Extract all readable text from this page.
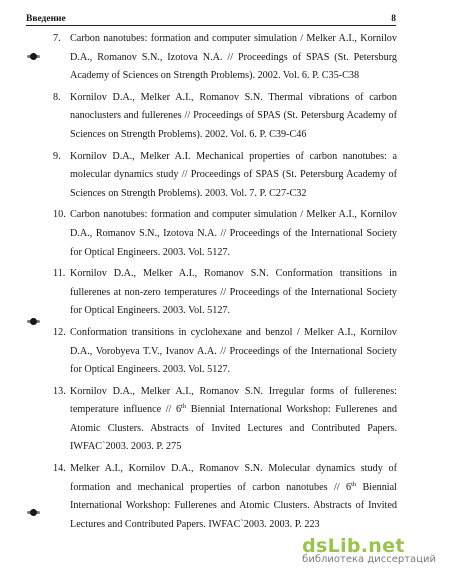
Введение	8
7. Carbon nanotubes: formation and computer simulation / Melker A.I., Kornilov D.A., Romanov S.N., Izotova N.A. // Proceedings of SPAS (St. Petersburg Academy of Sciences on Strength Problems). 2002. Vol. 6. P. C35-C38
8. Kornilov D.A., Melker A.I., Romanov S.N. Thermal vibrations of carbon nanoclusters and fullerenes // Proceedings of SPAS (St. Petersburg Academy of Sciences on Strength Problems). 2002. Vol. 6. P. C39-C46
9. Kornilov D.A., Melker A.I. Mechanical properties of carbon nanotubes: a molecular dynamics study // Proceedings of SPAS (St. Petersburg Academy of Sciences on Strength Problems). 2003. Vol. 7. P. C27-C32
10. Carbon nanotubes: formation and computer simulation / Melker A.I., Kornilov D.A., Romanov S.N., Izotova N.A. // Proceedings of the International Society for Optical Engineers. 2003. Vol. 5127.
11. Kornilov D.A., Melker A.I., Romanov S.N. Conformation transitions in fullerenes at non-zero temperatures // Proceedings of the International Society for Optical Engineers. 2003. Vol. 5127.
12. Conformation transitions in cyclohexane and benzol / Melker A.I., Kornilov D.A., Vorobyeva T.V., Ivanov A.A. // Proceedings of the International Society for Optical Engineers. 2003. Vol. 5127.
13. Kornilov D.A., Melker A.I., Romanov S.N. Irregular forms of fullerenes: temperature influence // 6th Biennial International Workshop: Fullerenes and Atomic Clusters. Abstracts of Invited Lectures and Contributed Papers. IWFAC`2003. 2003. P. 275
14. Melker A.I., Kornilov D.A., Romanov S.N. Molecular dynamics study of formation and mechanical properties of carbon nanotubes // 6th Biennial International Workshop: Fullerenes and Atomic Clusters. Abstracts of Invited Lectures and Contributed Papers. IWFAC`2003. 2003. P. 223
dsLib.net
библиотека диссертаций
